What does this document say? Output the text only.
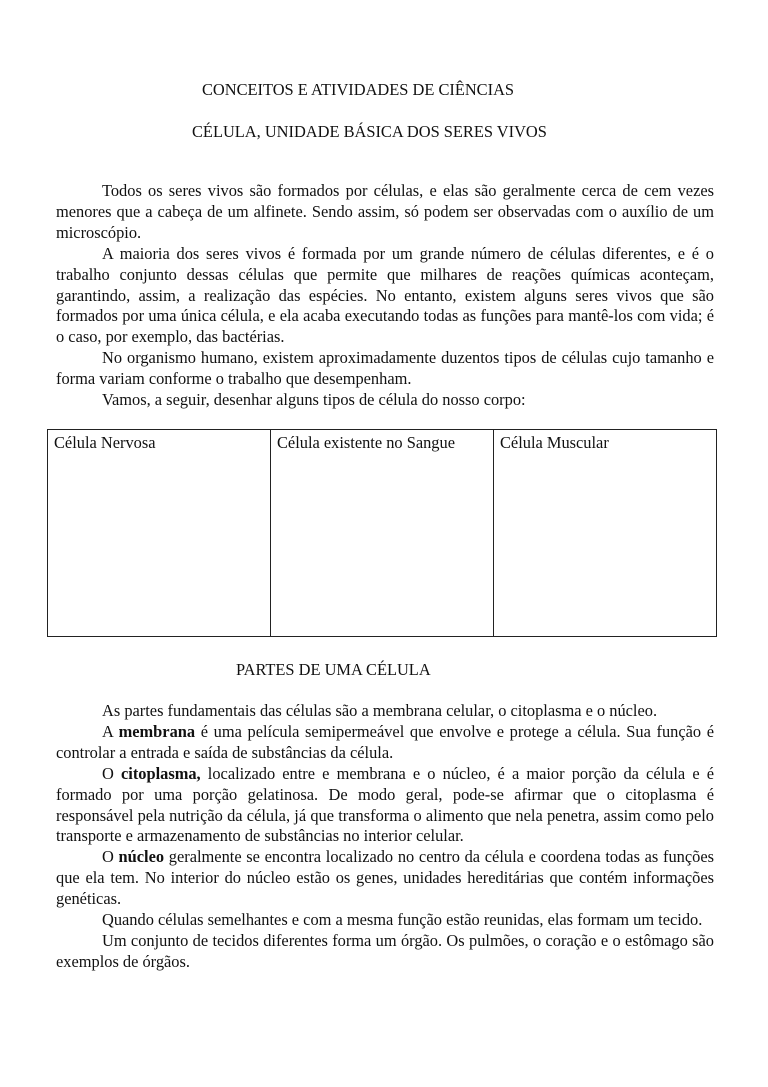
CONCEITOS E ATIVIDADES DE CIÊNCIAS
CÉLULA, UNIDADE BÁSICA DOS SERES VIVOS

Todos os seres vivos são formados por células, e elas são geralmente cerca de cem vezes menores que a cabeça de um alfinete. Sendo assim, só podem ser observadas com o auxílio de um microscópio.

A maioria dos seres vivos é formada por um grande número de células diferentes, e é o trabalho conjunto dessas células que permite que milhares de reações químicas aconteçam, garantindo, assim, a realização das espécies. No entanto, existem alguns seres vivos que são formados por uma única célula, e ela acaba executando todas as funções para mantê-los com vida; é o caso, por exemplo, das bactérias.

No organismo humano, existem aproximadamente duzentos tipos de células cujo tamanho e forma variam conforme o trabalho que desempenham.

Vamos, a seguir, desenhar alguns tipos de célula do nosso corpo:

Célula Nervosa	Célula existente no Sangue	Célula Muscular
PARTES DE UMA CÉLULA

As partes fundamentais das células são a membrana celular, o citoplasma e o núcleo.

A membrana é uma película semipermeável que envolve e protege a célula. Sua função é controlar a entrada e saída de substâncias da célula.

O citoplasma, localizado entre e membrana e o núcleo, é a maior porção da célula e é formado por uma porção gelatinosa. De modo geral, pode-se afirmar que o citoplasma é responsável pela nutrição da célula, já que transforma o alimento que nela penetra, assim como pelo transporte e armazenamento de substâncias no interior celular.

O núcleo geralmente se encontra localizado no centro da célula e coordena todas as funções que ela tem. No interior do núcleo estão os genes, unidades hereditárias que contém informações genéticas.

Quando células semelhantes e com a mesma função estão reunidas, elas formam um tecido.

Um conjunto de tecidos diferentes forma um órgão. Os pulmões, o coração e o estômago são exemplos de órgãos.
